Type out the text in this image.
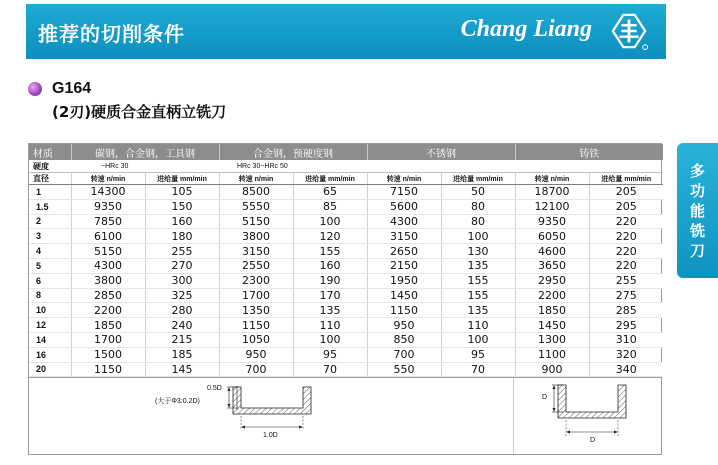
推荐的切削条件	Chang Liang
G164
(2刃)硬质合金直柄立铣刀
多
功
能
铣
刀
材质	碳钢，合金钢，工具钢		合金钢，预硬度钢		不锈钢		铸铁	
硬度	~HRc 30		HRc 30~HRc 50					
直径	转速 n/min	进给量 mm/min	转速 n/min	进给量 mm/min	转速 n/min	进给量 mm/min	转速 n/min	进给量 mm/min
1	14300	105	8500	65	7150	50	18700	205
1.5	9350	150	5550	85	5600	80	12100	205
2	7850	160	5150	100	4300	80	9350	220
3	6100	180	3800	120	3150	100	6050	220
4	5150	255	3150	155	2650	130	4600	220
5	4300	270	2550	160	2150	135	3650	220
6	3800	300	2300	190	1950	155	2950	255
8	2850	325	1700	170	1450	155	2200	275
10	2200	280	1350	135	1150	135	1850	285
12	1850	240	1150	110	950	110	1450	295
14	1700	215	1050	100	850	100	1300	310
16	1500	185	950	95	700	95	1100	320
20	1150	145	700	70	550	70	900	340
0.5D
(大于Φ3:0.2D)
1.0D
D
D
